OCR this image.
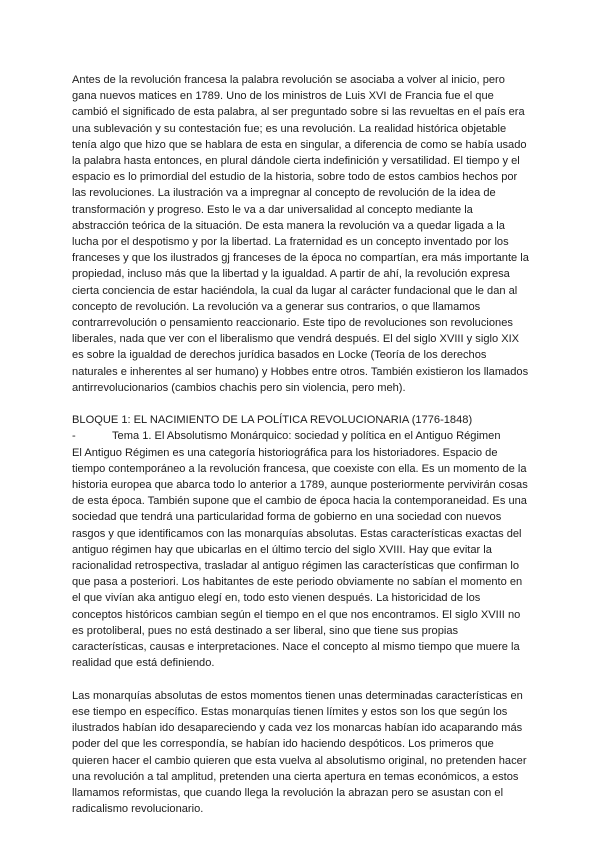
Antes de la revolución francesa la palabra revolución se asociaba a volver al inicio, pero gana nuevos matices en 1789. Uno de los ministros de Luis XVI de Francia fue el que cambió el significado de esta palabra, al ser preguntado sobre si las revueltas en el país era una sublevación y su contestación fue; es una revolución. La realidad histórica objetable tenía algo que hizo que se hablara de esta en singular, a diferencia de como se había usado la palabra hasta entonces, en plural dándole cierta indefinición y versatilidad. El tiempo y el espacio es lo primordial del estudio de la historia, sobre todo de estos cambios hechos por las revoluciones. La ilustración va a impregnar al concepto de revolución de la idea de transformación y progreso. Esto le va a dar universalidad al concepto mediante la abstracción teórica de la situación. De esta manera la revolución va a quedar ligada a la lucha por el despotismo y por la libertad. La fraternidad es un concepto inventado por los franceses y que los ilustrados gj franceses de la época no compartían, era más importante la propiedad, incluso más que la libertad y la igualdad. A partir de ahí, la revolución expresa cierta conciencia de estar haciéndola, la cual da lugar al carácter fundacional que le dan al concepto de revolución. La revolución va a generar sus contrarios, o que llamamos contrarrevolución o pensamiento reaccionario. Este tipo de revoluciones son revoluciones liberales, nada que ver con el liberalismo que vendrá después. El del siglo XVIII y siglo XIX es sobre la igualdad de derechos jurídica basados en Locke (Teoría de los derechos naturales e inherentes al ser humano) y Hobbes entre otros. También existieron los llamados antirrevolucionarios (cambios chachis pero sin violencia, pero meh).

BLOQUE 1: EL NACIMIENTO DE LA POLÍTICA REVOLUCIONARIA (1776-1848)

-	Tema 1. El Absolutismo Monárquico: sociedad y política en el Antiguo Régimen

El Antiguo Régimen es una categoría historiográfica para los historiadores. Espacio de tiempo contemporáneo a la revolución francesa, que coexiste con ella. Es un momento de la historia europea que abarca todo lo anterior a 1789, aunque posteriormente pervivirán cosas de esta época. También supone que el cambio de época hacia la contemporaneidad. Es una sociedad que tendrá una particularidad forma de gobierno en una sociedad con nuevos rasgos y que identificamos con las monarquías absolutas. Estas características exactas del antiguo régimen hay que ubicarlas en el último tercio del siglo XVIII. Hay que evitar la racionalidad retrospectiva, trasladar al antiguo régimen las características que confirman lo que pasa a posteriori. Los habitantes de este periodo obviamente no sabían el momento en el que vivían aka antiguo elegí en, todo esto vienen después. La historicidad de los conceptos históricos cambian según el tiempo en el que nos encontramos. El siglo XVIII no es protoliberal, pues no está destinado a ser liberal, sino que tiene sus propias características, causas e interpretaciones. Nace el concepto al mismo tiempo que muere la realidad que está definiendo.

Las monarquías absolutas de estos momentos tienen unas determinadas características en ese tiempo en específico. Estas monarquías tienen límites y estos son los que según los ilustrados habían ido desapareciendo y cada vez los monarcas habían ido acaparando más poder del que les correspondía, se habían ido haciendo despóticos. Los primeros que quieren hacer el cambio quieren que esta vuelva al absolutismo original, no pretenden hacer una revolución a tal amplitud, pretenden una cierta apertura en temas económicos, a estos llamamos reformistas, que cuando llega la revolución la abrazan pero se asustan con el radicalismo revolucionario.
